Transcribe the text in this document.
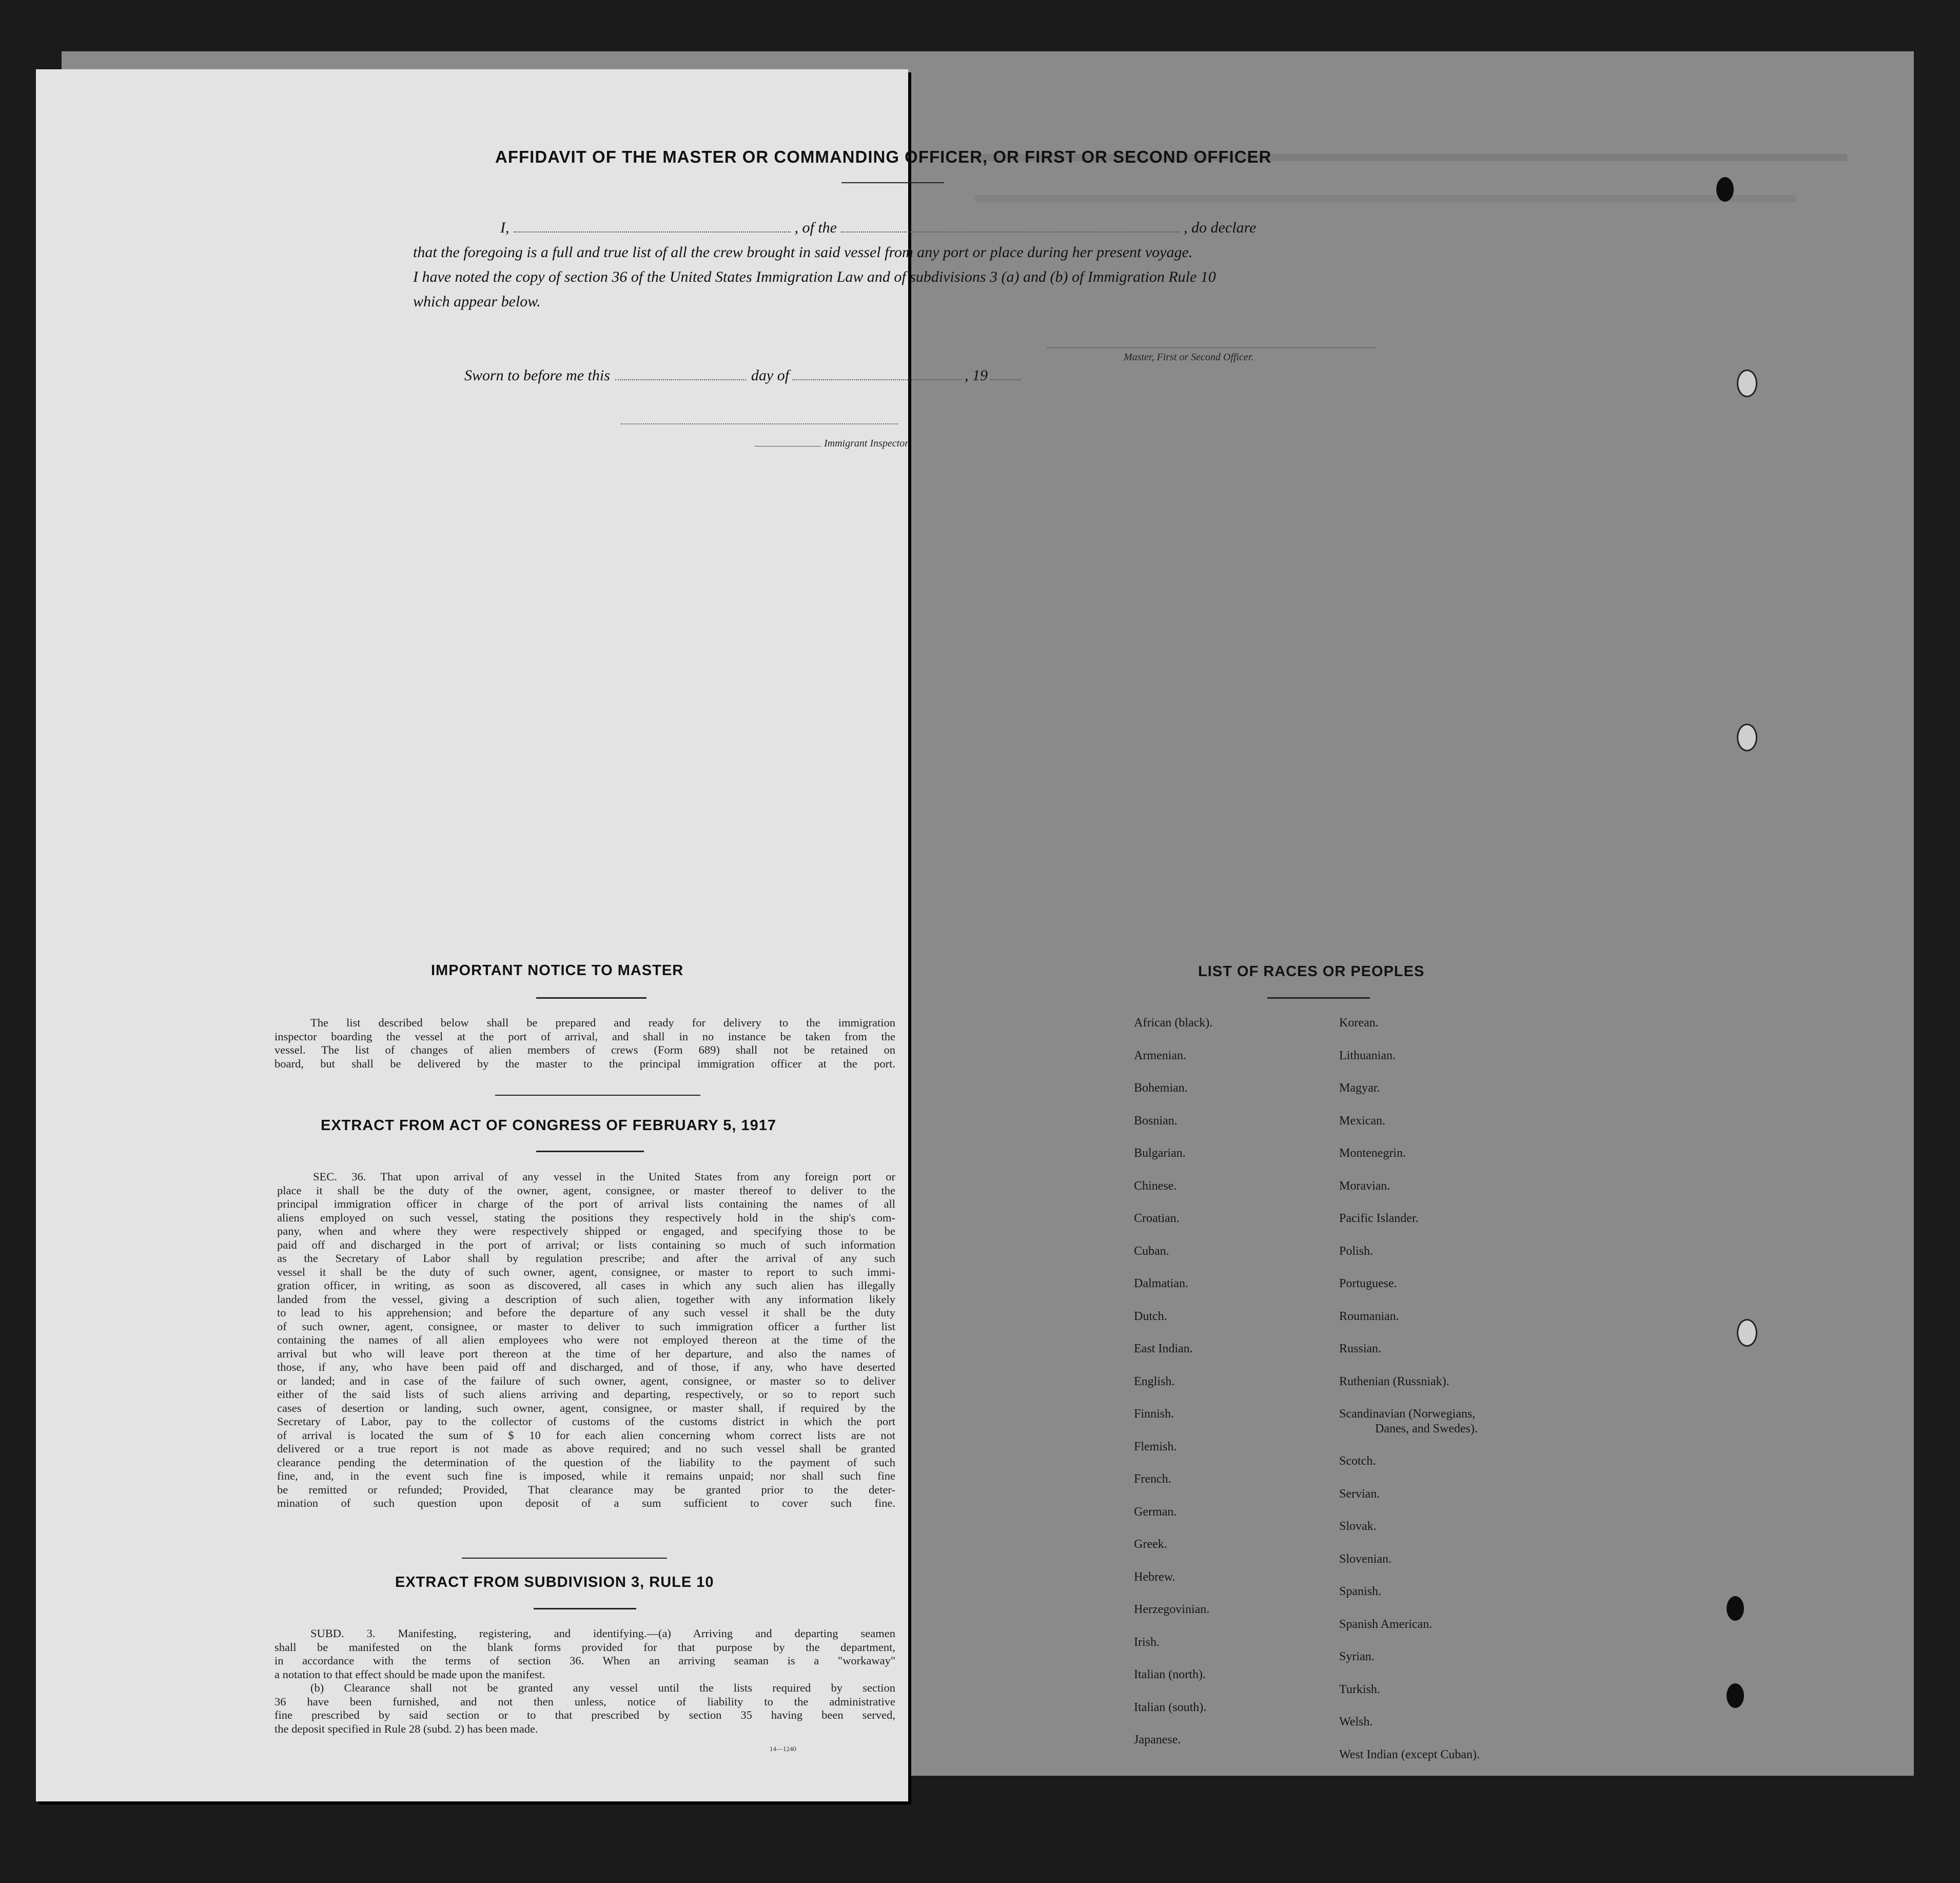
AFFIDAVIT OF THE MASTER OR COMMANDING OFFICER, OR FIRST OR SECOND OFFICER
I,	, of the	, do declare
that the foregoing is a full and true list of all the crew brought in said vessel from any port or place during her present voyage.
I have noted the copy of section 36 of the United States Immigration Law and of subdivisions 3 (a) and (b) of Immigration Rule 10
which appear below.
Master, First or Second Officer.
Sworn to before me this	day of	, 19
Immigrant Inspector.
IMPORTANT NOTICE TO MASTER
The list described below shall be prepared and ready for delivery to the immigration
inspector boarding the vessel at the port of arrival, and shall in no instance be taken from the
vessel. The list of changes of alien members of crews (Form 689) shall not be retained on
board, but shall be delivered by the master to the principal immigration officer at the port.
EXTRACT FROM ACT OF CONGRESS OF FEBRUARY 5, 1917
SEC. 36. That upon arrival of any vessel in the United States from any foreign port or
place it shall be the duty of the owner, agent, consignee, or master thereof to deliver to the
principal immigration officer in charge of the port of arrival lists containing the names of all
aliens employed on such vessel, stating the positions they respectively hold in the ship's com-
pany, when and where they were respectively shipped or engaged, and specifying those to be
paid off and discharged in the port of arrival; or lists containing so much of such information
as the Secretary of Labor shall by regulation prescribe; and after the arrival of any such
vessel it shall be the duty of such owner, agent, consignee, or master to report to such immi-
gration officer, in writing, as soon as discovered, all cases in which any such alien has illegally
landed from the vessel, giving a description of such alien, together with any information likely
to lead to his apprehension; and before the departure of any such vessel it shall be the duty
of such owner, agent, consignee, or master to deliver to such immigration officer a further list
containing the names of all alien employees who were not employed thereon at the time of the
arrival but who will leave port thereon at the time of her departure, and also the names of
those, if any, who have been paid off and discharged, and of those, if any, who have deserted
or landed; and in case of the failure of such owner, agent, consignee, or master so to deliver
either of the said lists of such aliens arriving and departing, respectively, or so to report such
cases of desertion or landing, such owner, agent, consignee, or master shall, if required by the
Secretary of Labor, pay to the collector of customs of the customs district in which the port
of arrival is located the sum of $ 10 for each alien concerning whom correct lists are not
delivered or a true report is not made as above required; and no such vessel shall be granted
clearance pending the determination of the question of the liability to the payment of such
fine, and, in the event such fine is imposed, while it remains unpaid; nor shall such fine
be remitted or refunded; Provided, That clearance may be granted prior to the deter-
mination of such question upon deposit of a sum sufficient to cover such fine.
EXTRACT FROM SUBDIVISION 3, RULE 10
SUBD. 3. Manifesting, registering, and identifying.—(a) Arriving and departing seamen
shall be manifested on the blank forms provided for that purpose by the department,
in accordance with the terms of section 36. When an arriving seaman is a "workaway"
a notation to that effect should be made upon the manifest.
(b) Clearance shall not be granted any vessel until the lists required by section
36 have been furnished, and not then unless, notice of liability to the administrative
fine prescribed by said section or to that prescribed by section 35 having been served,
the deposit specified in Rule 28 (subd. 2) has been made.
14—1240
LIST OF RACES OR PEOPLES
African (black).
Armenian.
Bohemian.
Bosnian.
Bulgarian.
Chinese.
Croatian.
Cuban.
Dalmatian.
Dutch.
East Indian.
English.
Finnish.
Flemish.
French.
German.
Greek.
Hebrew.
Herzegovinian.
Irish.
Italian (north).
Italian (south).
Japanese.
Korean.
Lithuanian.
Magyar.
Mexican.
Montenegrin.
Moravian.
Pacific Islander.
Polish.
Portuguese.
Roumanian.
Russian.
Ruthenian (Russniak).
Scandinavian (Norwegians,
Danes, and Swedes).
Scotch.
Servian.
Slovak.
Slovenian.
Spanish.
Spanish American.
Syrian.
Turkish.
Welsh.
West Indian (except Cuban).
